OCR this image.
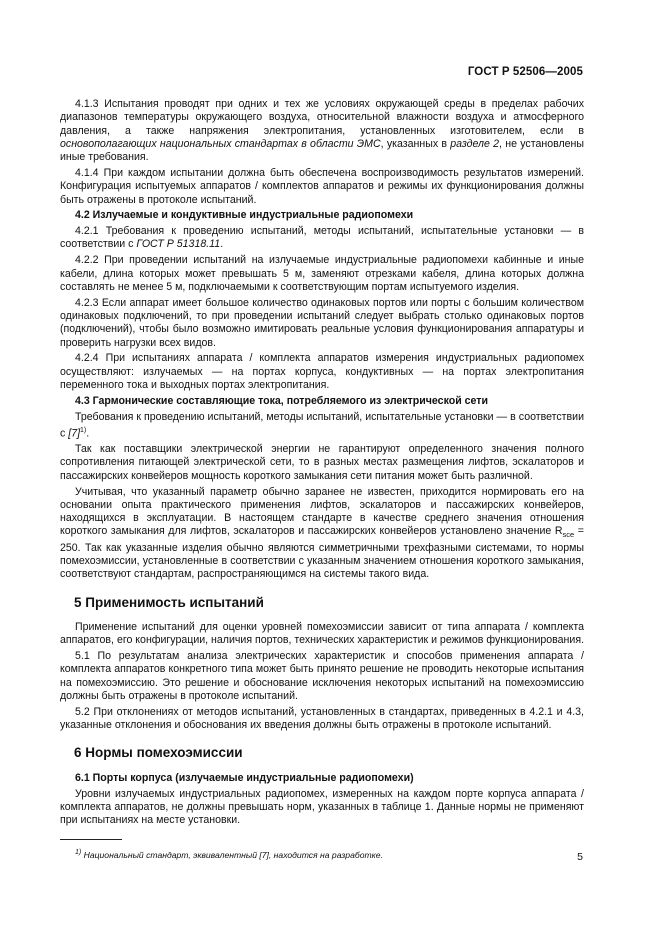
ГОСТ Р 52506—2005

4.1.3 Испытания проводят при одних и тех же условиях окружающей среды в пределах рабочих диапазонов температуры окружающего воздуха, относительной влажности воздуха и атмосферного давления, а также напряжения электропитания, установленных изготовителем, если в основополагающих национальных стандартах в области ЭМС, указанных в разделе 2, не установлены иные требования.

4.1.4 При каждом испытании должна быть обеспечена воспроизводимость результатов измерений. Конфигурация испытуемых аппаратов / комплектов аппаратов и режимы их функционирования должны быть отражены в протоколе испытаний.

4.2 Излучаемые и кондуктивные индустриальные радиопомехи

4.2.1 Требования к проведению испытаний, методы испытаний, испытательные установки — в соответствии с ГОСТ Р 51318.11.

4.2.2 При проведении испытаний на излучаемые индустриальные радиопомехи кабинные и иные кабели, длина которых может превышать 5 м, заменяют отрезками кабеля, длина которых должна составлять не менее 5 м, подключаемыми к соответствующим портам испытуемого изделия.

4.2.3 Если аппарат имеет большое количество одинаковых портов или порты с большим количеством одинаковых подключений, то при проведении испытаний следует выбрать столько одинаковых портов (подключений), чтобы было возможно имитировать реальные условия функционирования аппаратуры и проверить нагрузки всех видов.

4.2.4 При испытаниях аппарата / комплекта аппаратов измерения индустриальных радиопомех осуществляют: излучаемых — на портах корпуса, кондуктивных — на портах электропитания переменного тока и выходных портах электропитания.

4.3 Гармонические составляющие тока, потребляемого из электрической сети

Требования к проведению испытаний, методы испытаний, испытательные установки — в соответствии с $[7]^{1)}$.

Так как поставщики электрической энергии не гарантируют определенного значения полного сопротивления питающей электрической сети, то в разных местах размещения лифтов, эскалаторов и пассажирских конвейеров мощность короткого замыкания сети питания может быть различной.

Учитывая, что указанный параметр обычно заранее не известен, приходится нормировать его на основании опыта практического применения лифтов, эскалаторов и пассажирских конвейеров, находящихся в эксплуатации. В настоящем стандарте в качестве среднего значения отношения короткого замыкания для лифтов, эскалаторов и пассажирских конвейеров установлено значение $R_{sce} = 250$. Так как указанные изделия обычно являются симметричными трехфазными системами, то нормы помехоэмиссии, установленные в соответствии с указанным значением отношения короткого замыкания, соответствуют стандартам, распространяющимся на системы такого вида.

5 Применимость испытаний

Применение испытаний для оценки уровней помехоэмиссии зависит от типа аппарата / комплекта аппаратов, его конфигурации, наличия портов, технических характеристик и режимов функционирования.

5.1 По результатам анализа электрических характеристик и способов применения аппарата / комплекта аппаратов конкретного типа может быть принято решение не проводить некоторые испытания на помехоэмиссию. Это решение и обоснование исключения некоторых испытаний на помехоэмиссию должны быть отражены в протоколе испытаний.

5.2 При отклонениях от методов испытаний, установленных в стандартах, приведенных в 4.2.1 и 4.3, указанные отклонения и обоснования их введения должны быть отражены в протоколе испытаний.

6 Нормы помехоэмиссии

6.1 Порты корпуса (излучаемые индустриальные радиопомехи)

Уровни излучаемых индустриальных радиопомех, измеренных на каждом порте корпуса аппарата / комплекта аппаратов, не должны превышать норм, указанных в таблице 1. Данные нормы не применяют при испытаниях на месте установки.

$^{1)}$ Национальный стандарт, эквивалентный [7], находится на разработке.	5
